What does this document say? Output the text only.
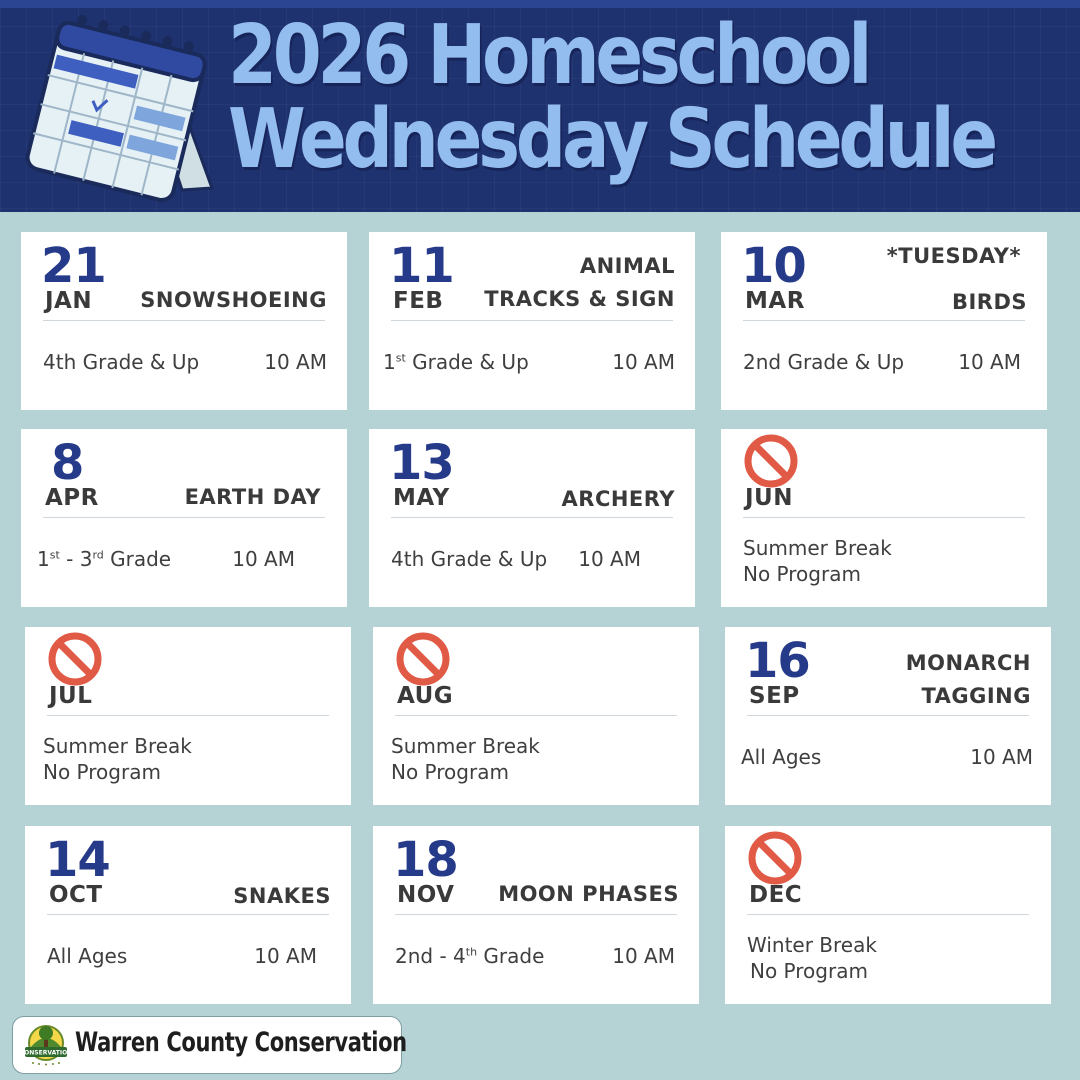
2026 Homeschool
Wednesday Schedule
21
JAN SNOWSHOEING
4th Grade & Up	10 AM
11
FEB
ANIMAL
TRACKS & SIGN
1st Grade & Up	10 AM
10
MAR
*TUESDAY*
BIRDS
2nd Grade & Up	10 AM
8
APR	EARTH DAY
1st - 3rd Grade	10 AM
13
MAY	ARCHERY
4th Grade & Up 10 AM
JUN
Summer Break
No Program
JUL
Summer Break
No Program
AUG
Summer Break
No Program
16
SEP
MONARCH
TAGGING
All Ages	10 AM
14
OCT	SNAKES
All Ages	10 AM
18
NOV MOON PHASES
2nd - 4th Grade	10 AM
DEC
Winter Break
No Program
CONSERVATION Warren County Conservation
